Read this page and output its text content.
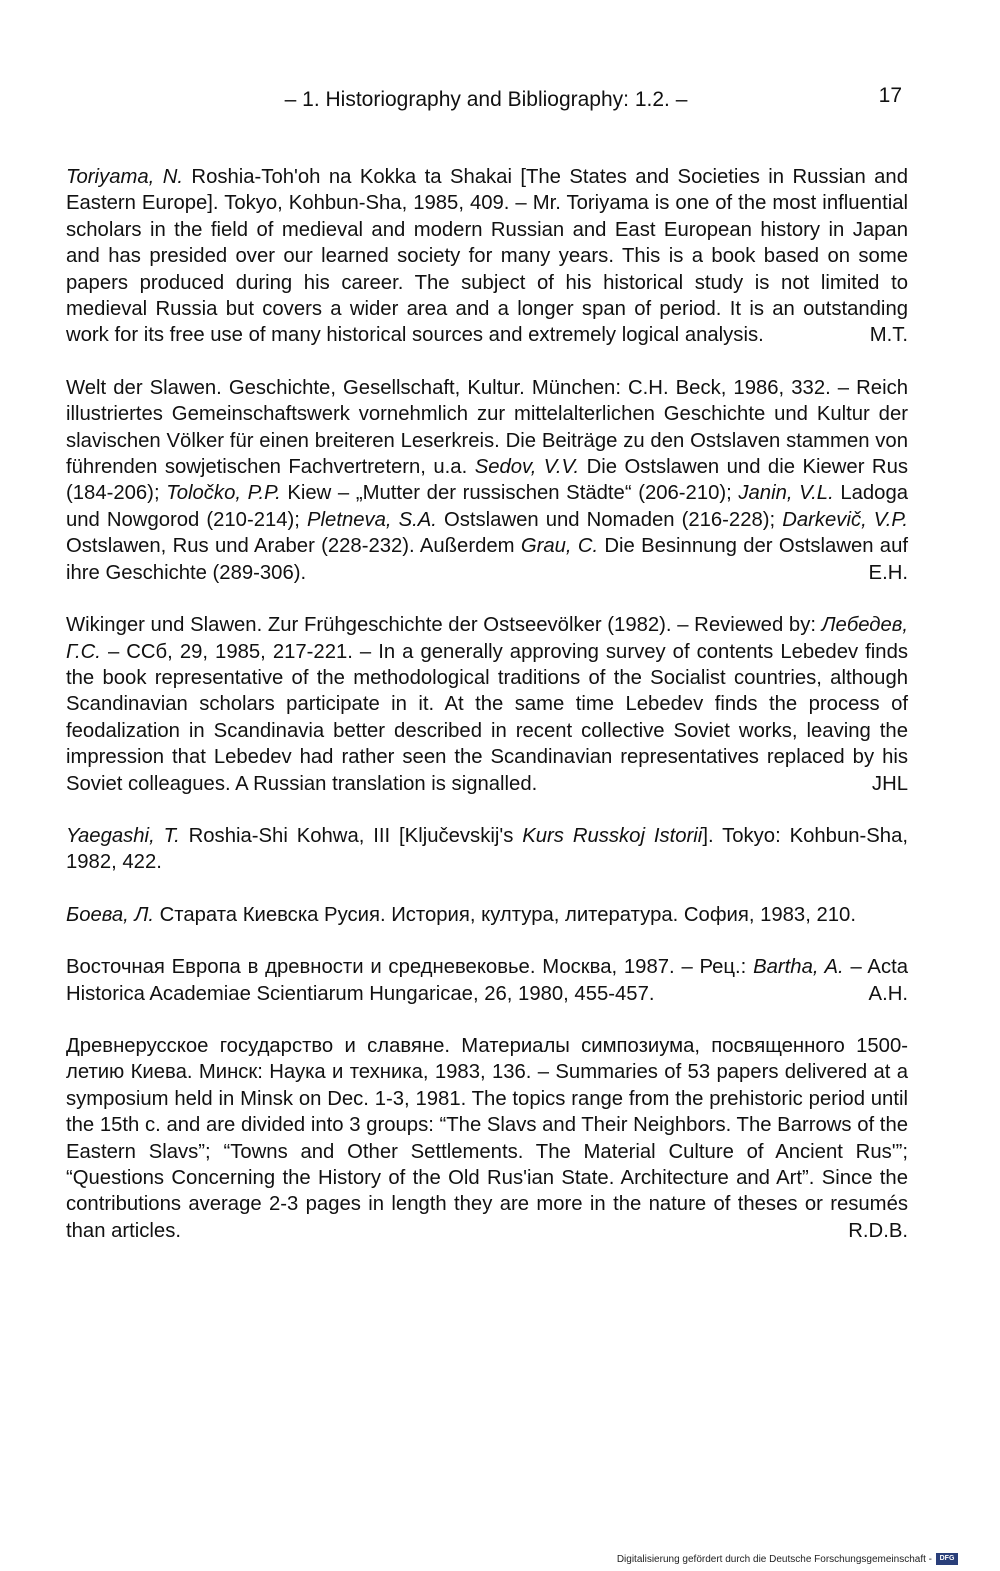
– 1. Historiography and Bibliography: 1.2. –	17

Toriyama, N. Roshia-Toh'oh na Kokka ta Shakai [The States and Societies in Russian and Eastern Europe]. Tokyo, Kohbun-Sha, 1985, 409. – Mr. Toriyama is one of the most influential scholars in the field of medieval and modern Russian and East European history in Japan and has presided over our learned society for many years. This is a book based on some papers produced during his career. The subject of his historical study is not limited to medieval Russia but covers a wider area and a longer span of period. It is an outstanding work for its free use of many historical sources and extremely logical analysis.	M.T.

Welt der Slawen. Geschichte, Gesellschaft, Kultur. München: C.H. Beck, 1986, 332. – Reich illustriertes Gemeinschaftswerk vornehmlich zur mittelalterlichen Geschichte und Kultur der slavischen Völker für einen breiteren Leserkreis. Die Beiträge zu den Ostslaven stammen von führenden sowjetischen Fachvertretern, u.a. Sedov, V.V. Die Ostslawen und die Kiewer Rus (184-206); Toločko, P.P. Kiew – „Mutter der russischen Städte“ (206-210); Janin, V.L. Ladoga und Nowgorod (210-214); Pletneva, S.A. Ostslawen und Nomaden (216-228); Darkevič, V.P. Ostslawen, Rus und Araber (228-232). Außerdem Grau, C. Die Besinnung der Ostslawen auf ihre Geschichte (289-306).	E.H.

Wikinger und Slawen. Zur Frühgeschichte der Ostseevölker (1982). – Reviewed by: Лебедев, Г.С. – ССб, 29, 1985, 217-221. – In a generally approving survey of contents Lebedev finds the book representative of the methodological traditions of the Socialist countries, although Scandinavian scholars participate in it. At the same time Lebedev finds the process of feodalization in Scandinavia better described in recent collective Soviet works, leaving the impression that Lebedev had rather seen the Scandinavian representatives replaced by his Soviet colleagues. A Russian translation is signalled.	JHL

Yaegashi, T. Roshia-Shi Kohwa, III [Ključevskij's Kurs Russkoj Istorii]. Tokyo: Kohbun-Sha, 1982, 422.

Боева, Л. Старата Киевска Русия. История, култура, литература. София, 1983, 210.

Восточная Европа в древности и средневековье. Москва, 1987. – Рец.: Bartha, A. – Acta Historica Academiae Scientiarum Hungaricae, 26, 1980, 455-457.	A.H.

Древнерусское государство и славяне. Материалы симпозиума, посвященного 1500-летию Киева. Минск: Наука и техника, 1983, 136. – Summaries of 53 papers delivered at a symposium held in Minsk on Dec. 1-3, 1981. The topics range from the prehistoric period until the 15th c. and are divided into 3 groups: “The Slavs and Their Neighbors. The Barrows of the Eastern Slavs”; “Towns and Other Settlements. The Material Culture of Ancient Rus'”; “Questions Concerning the History of the Old Rus'ian State. Architecture and Art”. Since the contributions average 2-3 pages in length they are more in the nature of theses or resumés than articles.	R.D.B.

Digitalisierung gefördert durch die Deutsche Forschungsgemeinschaft -	DFG
